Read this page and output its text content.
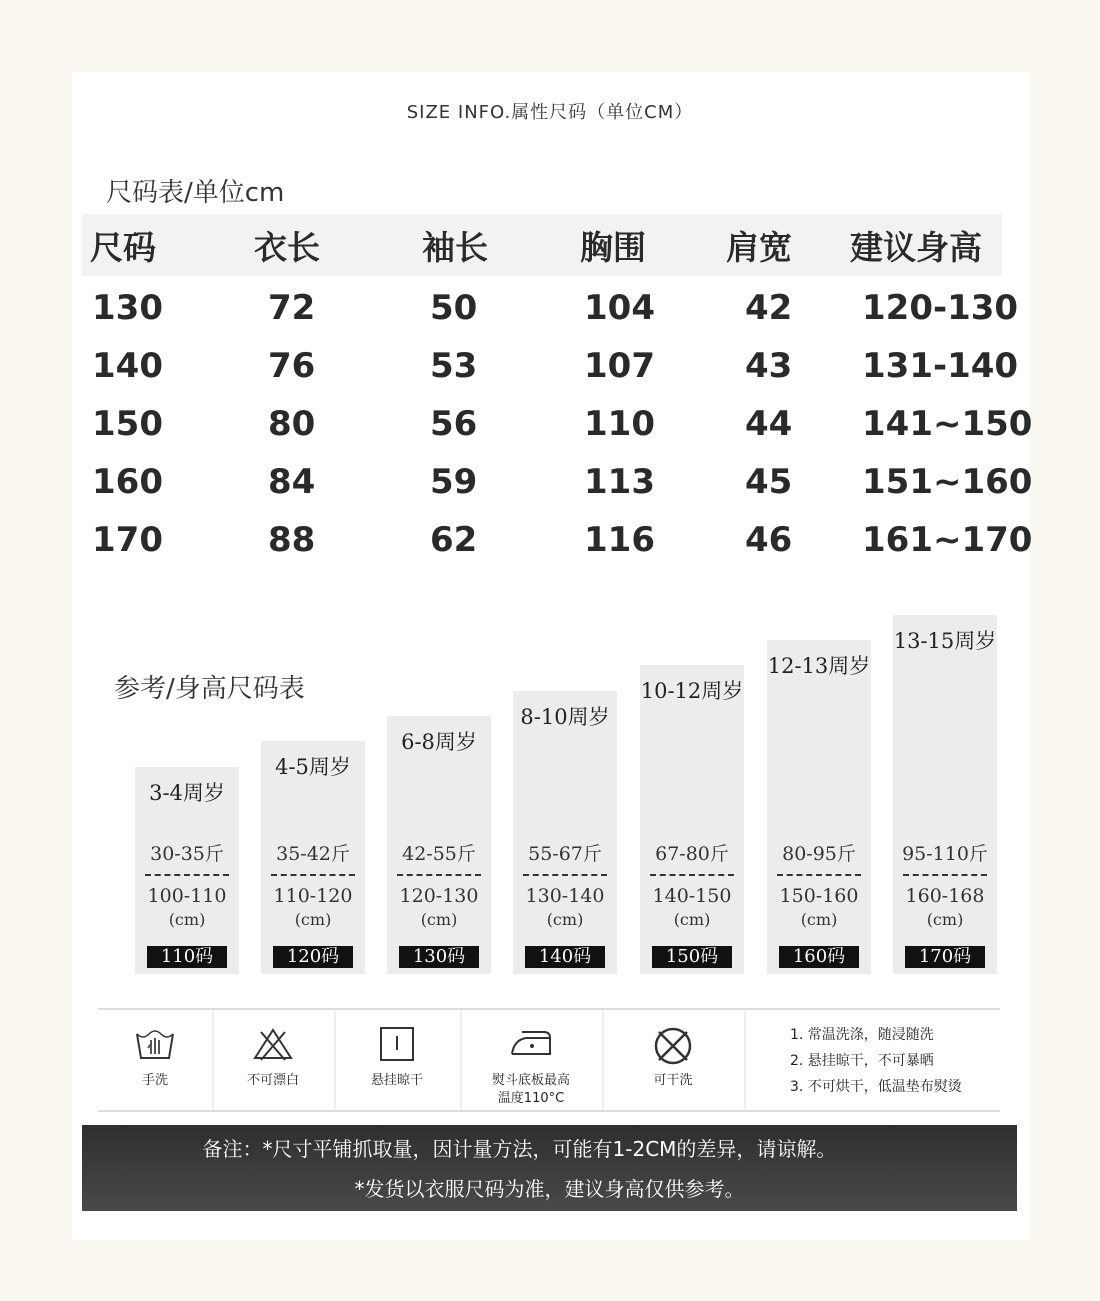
SIZE INFO.属性尺码（单位CM）
尺码表/单位cm
尺码	衣长	袖长	胸围 肩宽 建议身高
130	72	50	104	42 120-130
140	76	53	107	43 131-140
150	80	56	110	44 141~150
160	84	59	113	45 151~160
170	88	62	116	46 161~170
参考/身高尺码表
3-4周岁
30-35斤
100-110
(cm)
110码
4-5周岁
35-42斤
110-120
(cm)
120码
6-8周岁
42-55斤
120-130
(cm)
130码
8-10周岁
55-67斤
130-140
(cm)
140码
10-12周岁
67-80斤
140-150
(cm)
150码
12-13周岁
80-95斤
150-160
(cm)
160码
13-15周岁
95-110斤
160-168
(cm)
170码
手洗	不可漂白	悬挂晾干	熨斗底板最高
温度110°C
可干洗
1. 常温洗涤，随浸随洗
2. 悬挂晾干，不可暴晒
3. 不可烘干，低温垫布熨烫
备注：*尺寸平铺抓取量，因计量方法，可能有1-2CM的差异，请谅解。
*发货以衣服尺码为准，建议身高仅供参考。
